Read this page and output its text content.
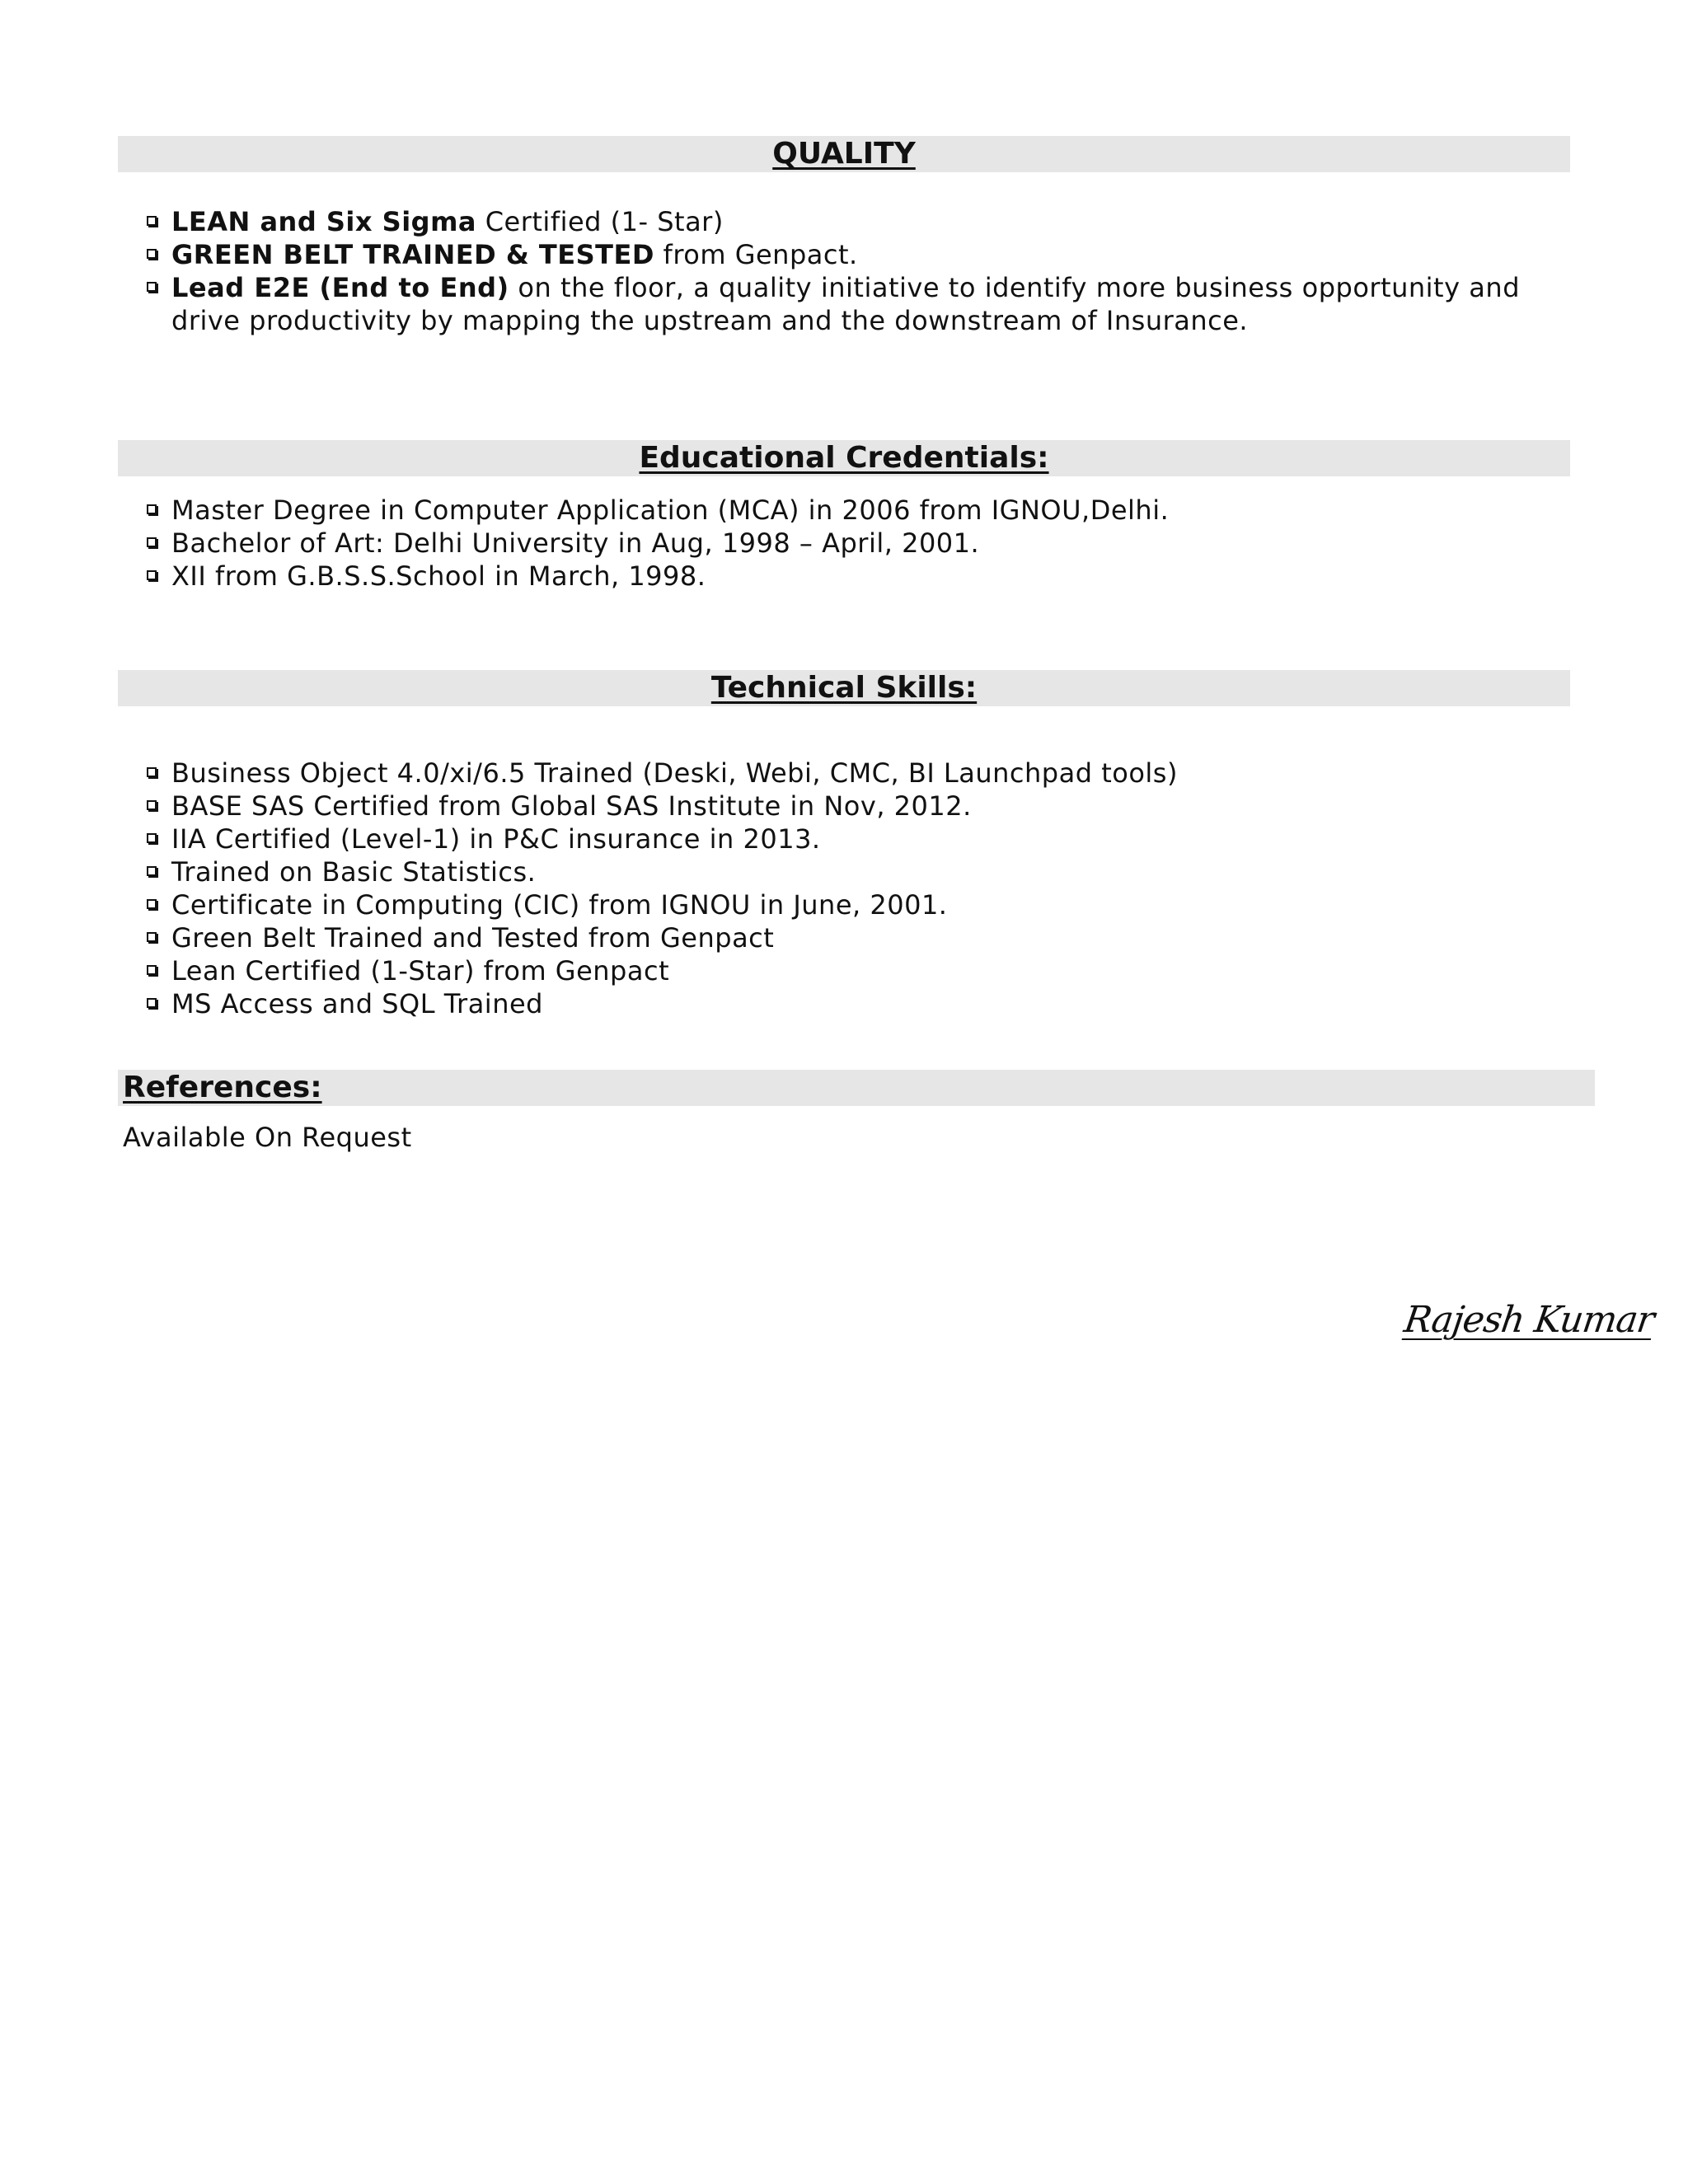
QUALITY
LEAN and Six Sigma Certified (1- Star)
GREEN BELT TRAINED & TESTED from Genpact.
Lead E2E (End to End) on the floor, a quality initiative to identify more business opportunity and drive productivity by mapping the upstream and the downstream of Insurance.
Educational Credentials:
Master Degree in Computer Application (MCA) in 2006 from IGNOU,Delhi.
Bachelor of Art: Delhi University in Aug, 1998 – April, 2001.
XII from G.B.S.S.School in March, 1998.
Technical Skills:
Business Object 4.0/xi/6.5 Trained (Deski, Webi, CMC, BI Launchpad tools)
BASE SAS Certified from Global SAS Institute in Nov, 2012.
IIA Certified (Level-1) in P&C insurance in 2013.
Trained on Basic Statistics.
Certificate in Computing (CIC) from IGNOU in June, 2001.
Green Belt Trained and Tested from Genpact
Lean Certified (1-Star) from Genpact
MS Access and SQL Trained
References:
Available On Request
Rajesh Kumar
